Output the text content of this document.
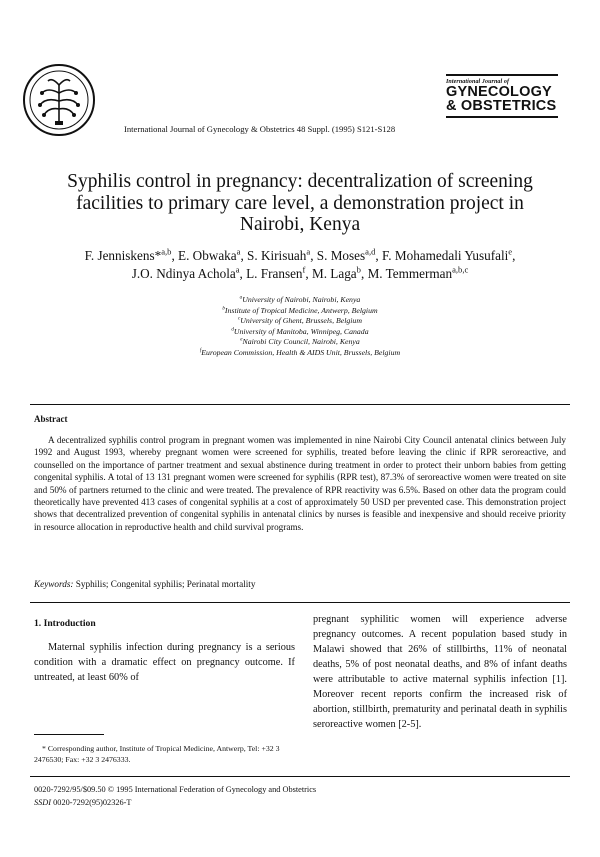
International Journal of Gynecology & Obstetrics 48 Suppl. (1995) S121-S128
International Journal of
GYNECOLOGY
& OBSTETRICS
Syphilis control in pregnancy: decentralization of screening facilities to primary care level, a demonstration project in Nairobi, Kenya
F. Jenniskens*$^{a,b}$, E. Obwaka$^a$, S. Kirisuah$^a$, S. Moses$^{a,d}$, F. Mohamedali Yusufali$^e$,
J.O. Ndinya Achola$^a$, L. Fransen$^f$, M. Laga$^b$, M. Temmerman$^{a,b,c}$
$^a$University of Nairobi, Nairobi, Kenya
$^b$Institute of Tropical Medicine, Antwerp, Belgium
$^c$University of Ghent, Brussels, Belgium
$^d$University of Manitoba, Winnipeg, Canada
$^e$Nairobi City Council, Nairobi, Kenya
$^f$European Commission, Health & AIDS Unit, Brussels, Belgium
Abstract
A decentralized syphilis control program in pregnant women was implemented in nine Nairobi City Council antenatal clinics between July 1992 and August 1993, whereby pregnant women were screened for syphilis, treated before leaving the clinic if RPR seroreactive, and counselled on the importance of partner treatment and sexual abstinence during treatment in order to protect their unborn babies from getting congenital syphilis. A total of 13 131 pregnant women were screened for syphilis (RPR test), 87.3% of seroreactive women were treated on site and 50% of partners returned to the clinic and were treated. The prevalence of RPR reactivity was 6.5%. Based on other data the program could theoretically have prevented 413 cases of congenital syphilis at a cost of approximately 50 USD per prevented case. This demonstration project shows that decentralized prevention of congenital syphilis in antenatal clinics by nurses is feasible and inexpensive and should receive priority in resource allocation in reproductive health and child survival programs.
Keywords: Syphilis; Congenital syphilis; Perinatal mortality
1. Introduction
Maternal syphilis infection during pregnancy is a serious condition with a dramatic effect on pregnancy outcome. If untreated, at least 60% of
pregnant syphilitic women will experience adverse pregnancy outcomes. A recent population based study in Malawi showed that 26% of stillbirths, 11% of neonatal deaths, 5% of post neonatal deaths, and 8% of infant deaths were attributable to active maternal syphilis infection [1]. Moreover recent reports confirm the increased risk of abortion, stillbirth, prematurity and perinatal death in syphilis seroreactive women [2-5].
* Corresponding author, Institute of Tropical Medicine, Antwerp, Tel: +32 3 2476530; Fax: +32 3 2476333.
0020-7292/95/$09.50 © 1995 International Federation of Gynecology and Obstetrics
SSDI 0020-7292(95)02326-T
